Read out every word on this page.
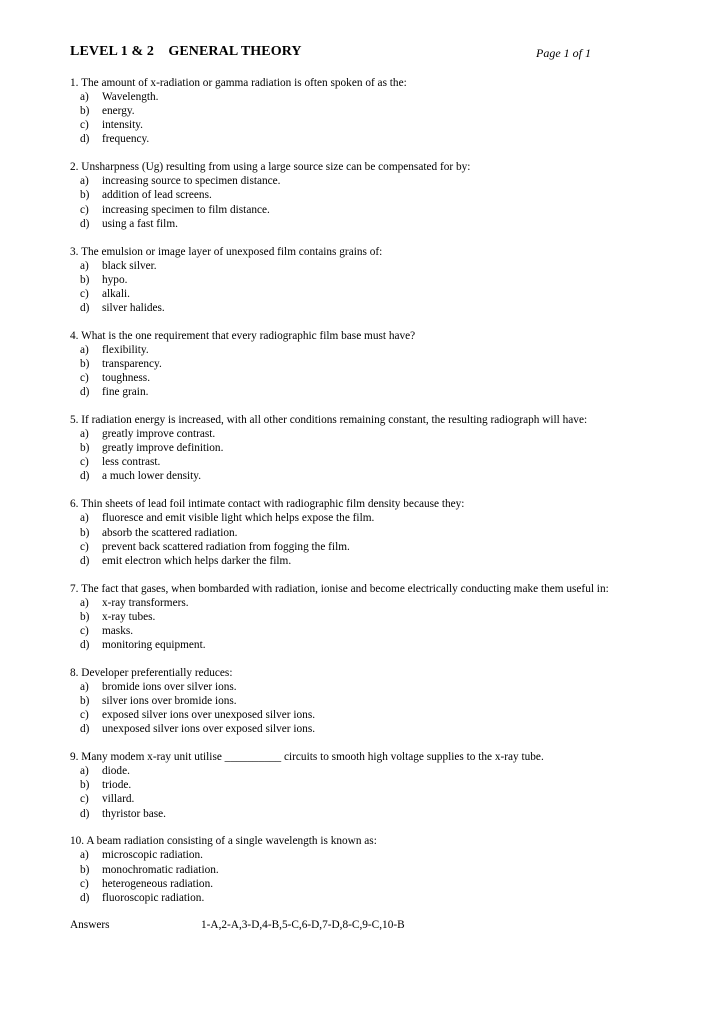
LEVEL 1 & 2    GENERAL THEORY	Page 1 of 1
1. The amount of x-radiation or gamma radiation is often spoken of as the:
a) Wavelength.
b) energy.
c) intensity.
d) frequency.
2. Unsharpness (Ug) resulting from using a large source size can be compensated for by:
a) increasing source to specimen distance.
b) addition of lead screens.
c) increasing specimen to film distance.
d) using a fast film.
3. The emulsion or image layer of unexposed film contains grains of:
a) black silver.
b) hypo.
c) alkali.
d) silver halides.
4. What is the one requirement that every radiographic film base must have?
a) flexibility.
b) transparency.
c) toughness.
d) fine grain.
5. If radiation energy is increased, with all other conditions remaining constant, the resulting radiograph will have:
a) greatly improve contrast.
b) greatly improve definition.
c) less contrast.
d) a much lower density.
6. Thin sheets of lead foil intimate contact with radiographic film density because they:
a) fluoresce and emit visible light which helps expose the film.
b) absorb the scattered radiation.
c) prevent back scattered radiation from fogging the film.
d) emit electron which helps darker the film.
7. The fact that gases, when bombarded with radiation, ionise and become electrically conducting make them useful in:
a) x-ray transformers.
b) x-ray tubes.
c) masks.
d) monitoring equipment.
8. Developer preferentially reduces:
a) bromide ions over silver ions.
b) silver ions over bromide ions.
c) exposed silver ions over unexposed silver ions.
d) unexposed silver ions over exposed silver ions.
9. Many modem x-ray unit utilise __________ circuits to smooth high voltage supplies to the x-ray tube.
a) diode.
b) triode.
c) villard.
d) thyristor base.
10. A beam radiation consisting of a single wavelength is known as:
a) microscopic radiation.
b) monochromatic radiation.
c) heterogeneous radiation.
d) fluoroscopic radiation.
Answers	1-A,2-A,3-D,4-B,5-C,6-D,7-D,8-C,9-C,10-B
